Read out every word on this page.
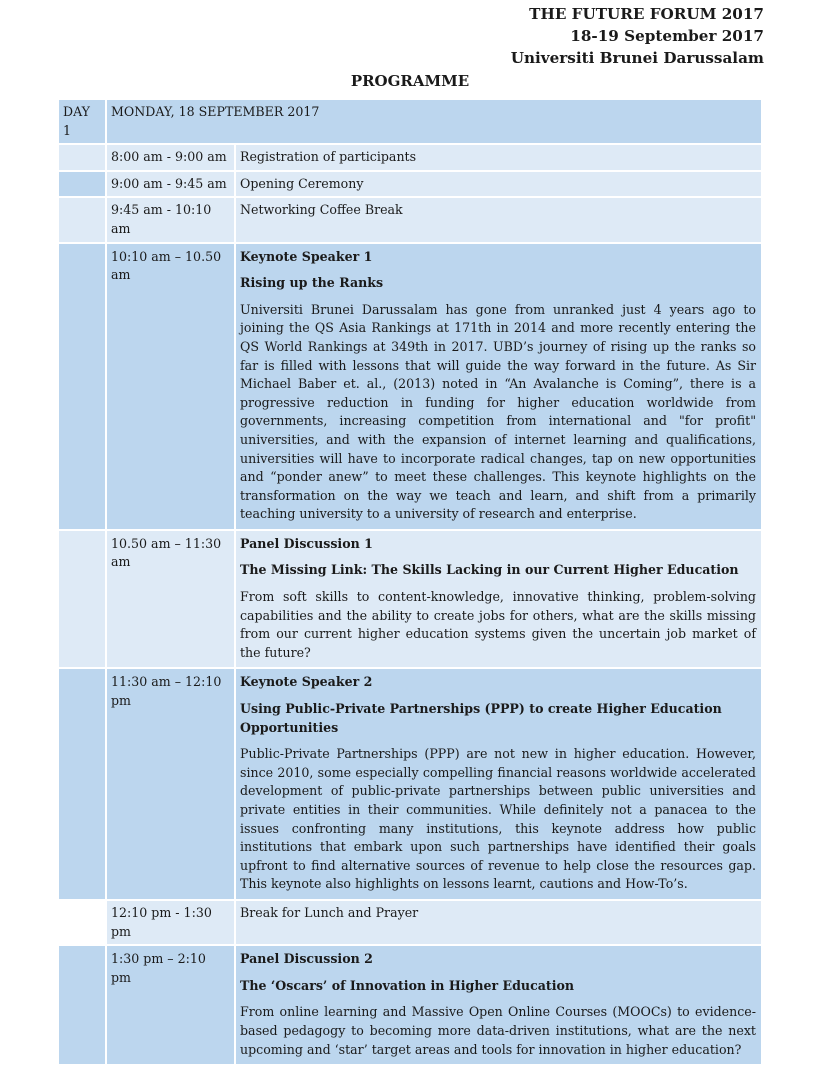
THE FUTURE FORUM 2017
18-19 September 2017
Universiti Brunei Darussalam
PROGRAMME
DAY 1	MONDAY, 18 SEPTEMBER 2017	
	8:00 am - 9:00 am	Registration of participants
	9:00 am - 9:45 am	Opening Ceremony
	9:45 am - 10:10 am	Networking Coffee Break
	10:10 am – 10.50 am	Keynote Speaker 1
Rising up the Ranks
Universiti Brunei Darussalam has gone from unranked just 4 years ago to joining the QS Asia Rankings at 171th in 2014 and more recently entering the QS World Rankings at 349th in 2017. UBD’s journey of rising up the ranks so far is filled with lessons that will guide the way forward in the future. As Sir Michael Baber et. al., (2013) noted in “An Avalanche is Coming”, there is a progressive reduction in funding for higher education worldwide from governments, increasing competition from international and "for profit" universities, and with the expansion of internet learning and qualifications, universities will have to incorporate radical changes, tap on new opportunities and “ponder anew” to meet these challenges. This keynote highlights on the transformation on the way we teach and learn, and shift from a primarily teaching university to a university of research and enterprise.

	10.50 am – 11:30 am	Panel Discussion 1
The Missing Link: The Skills Lacking in our Current Higher Education
From soft skills to content-knowledge, innovative thinking, problem-solving capabilities and the ability to create jobs for others, what are the skills missing from our current higher education systems given the uncertain job market of the future?

	11:30 am – 12:10 pm	Keynote Speaker 2
Using Public-Private Partnerships (PPP) to create Higher Education Opportunities
Public-Private Partnerships (PPP) are not new in higher education. However, since 2010, some especially compelling financial reasons worldwide accelerated development of public-private partnerships between public universities and private entities in their communities. While definitely not a panacea to the issues confronting many institutions, this keynote address how public institutions that embark upon such partnerships have identified their goals upfront to find alternative sources of revenue to help close the resources gap. This keynote also highlights on lessons learnt, cautions and How-To’s.

	12:10 pm - 1:30 pm	Break for Lunch and Prayer
	1:30 pm – 2:10 pm	Panel Discussion 2
The ‘Oscars’ of Innovation in Higher Education
From online learning and Massive Open Online Courses (MOOCs) to evidence-based pedagogy to becoming more data-driven institutions, what are the next upcoming and ‘star’ target areas and tools for innovation in higher education?
